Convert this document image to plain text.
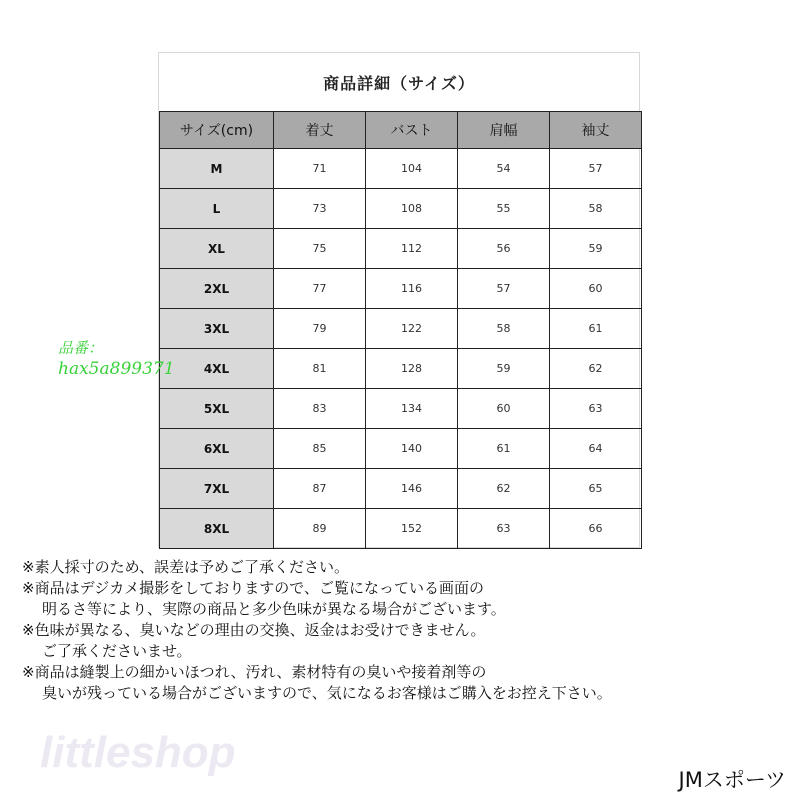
商品詳細（サイズ）
サイズ(cm)	着丈	バスト	肩幅	袖丈
M	71	104	54	57
L	73	108	55	58
XL	75	112	56	59
2XL	77	116	57	60
3XL	79	122	58	61
4XL	81	128	59	62
5XL	83	134	60	63
6XL	85	140	61	64
7XL	87	146	62	65
8XL	89	152	63	66
品番：
hax5a899371
※素人採寸のため、誤差は予めご了承ください。
※商品はデジカメ撮影をしておりますので、ご覧になっている画面の
明るさ等により、実際の商品と多少色味が異なる場合がございます。
※色味が異なる、臭いなどの理由の交換、返金はお受けできません。
ご了承くださいませ。
※商品は縫製上の細かいほつれ、汚れ、素材特有の臭いや接着剤等の
臭いが残っている場合がございますので、気になるお客様はご購入をお控え下さい。
littleshop
JMスポーツ
